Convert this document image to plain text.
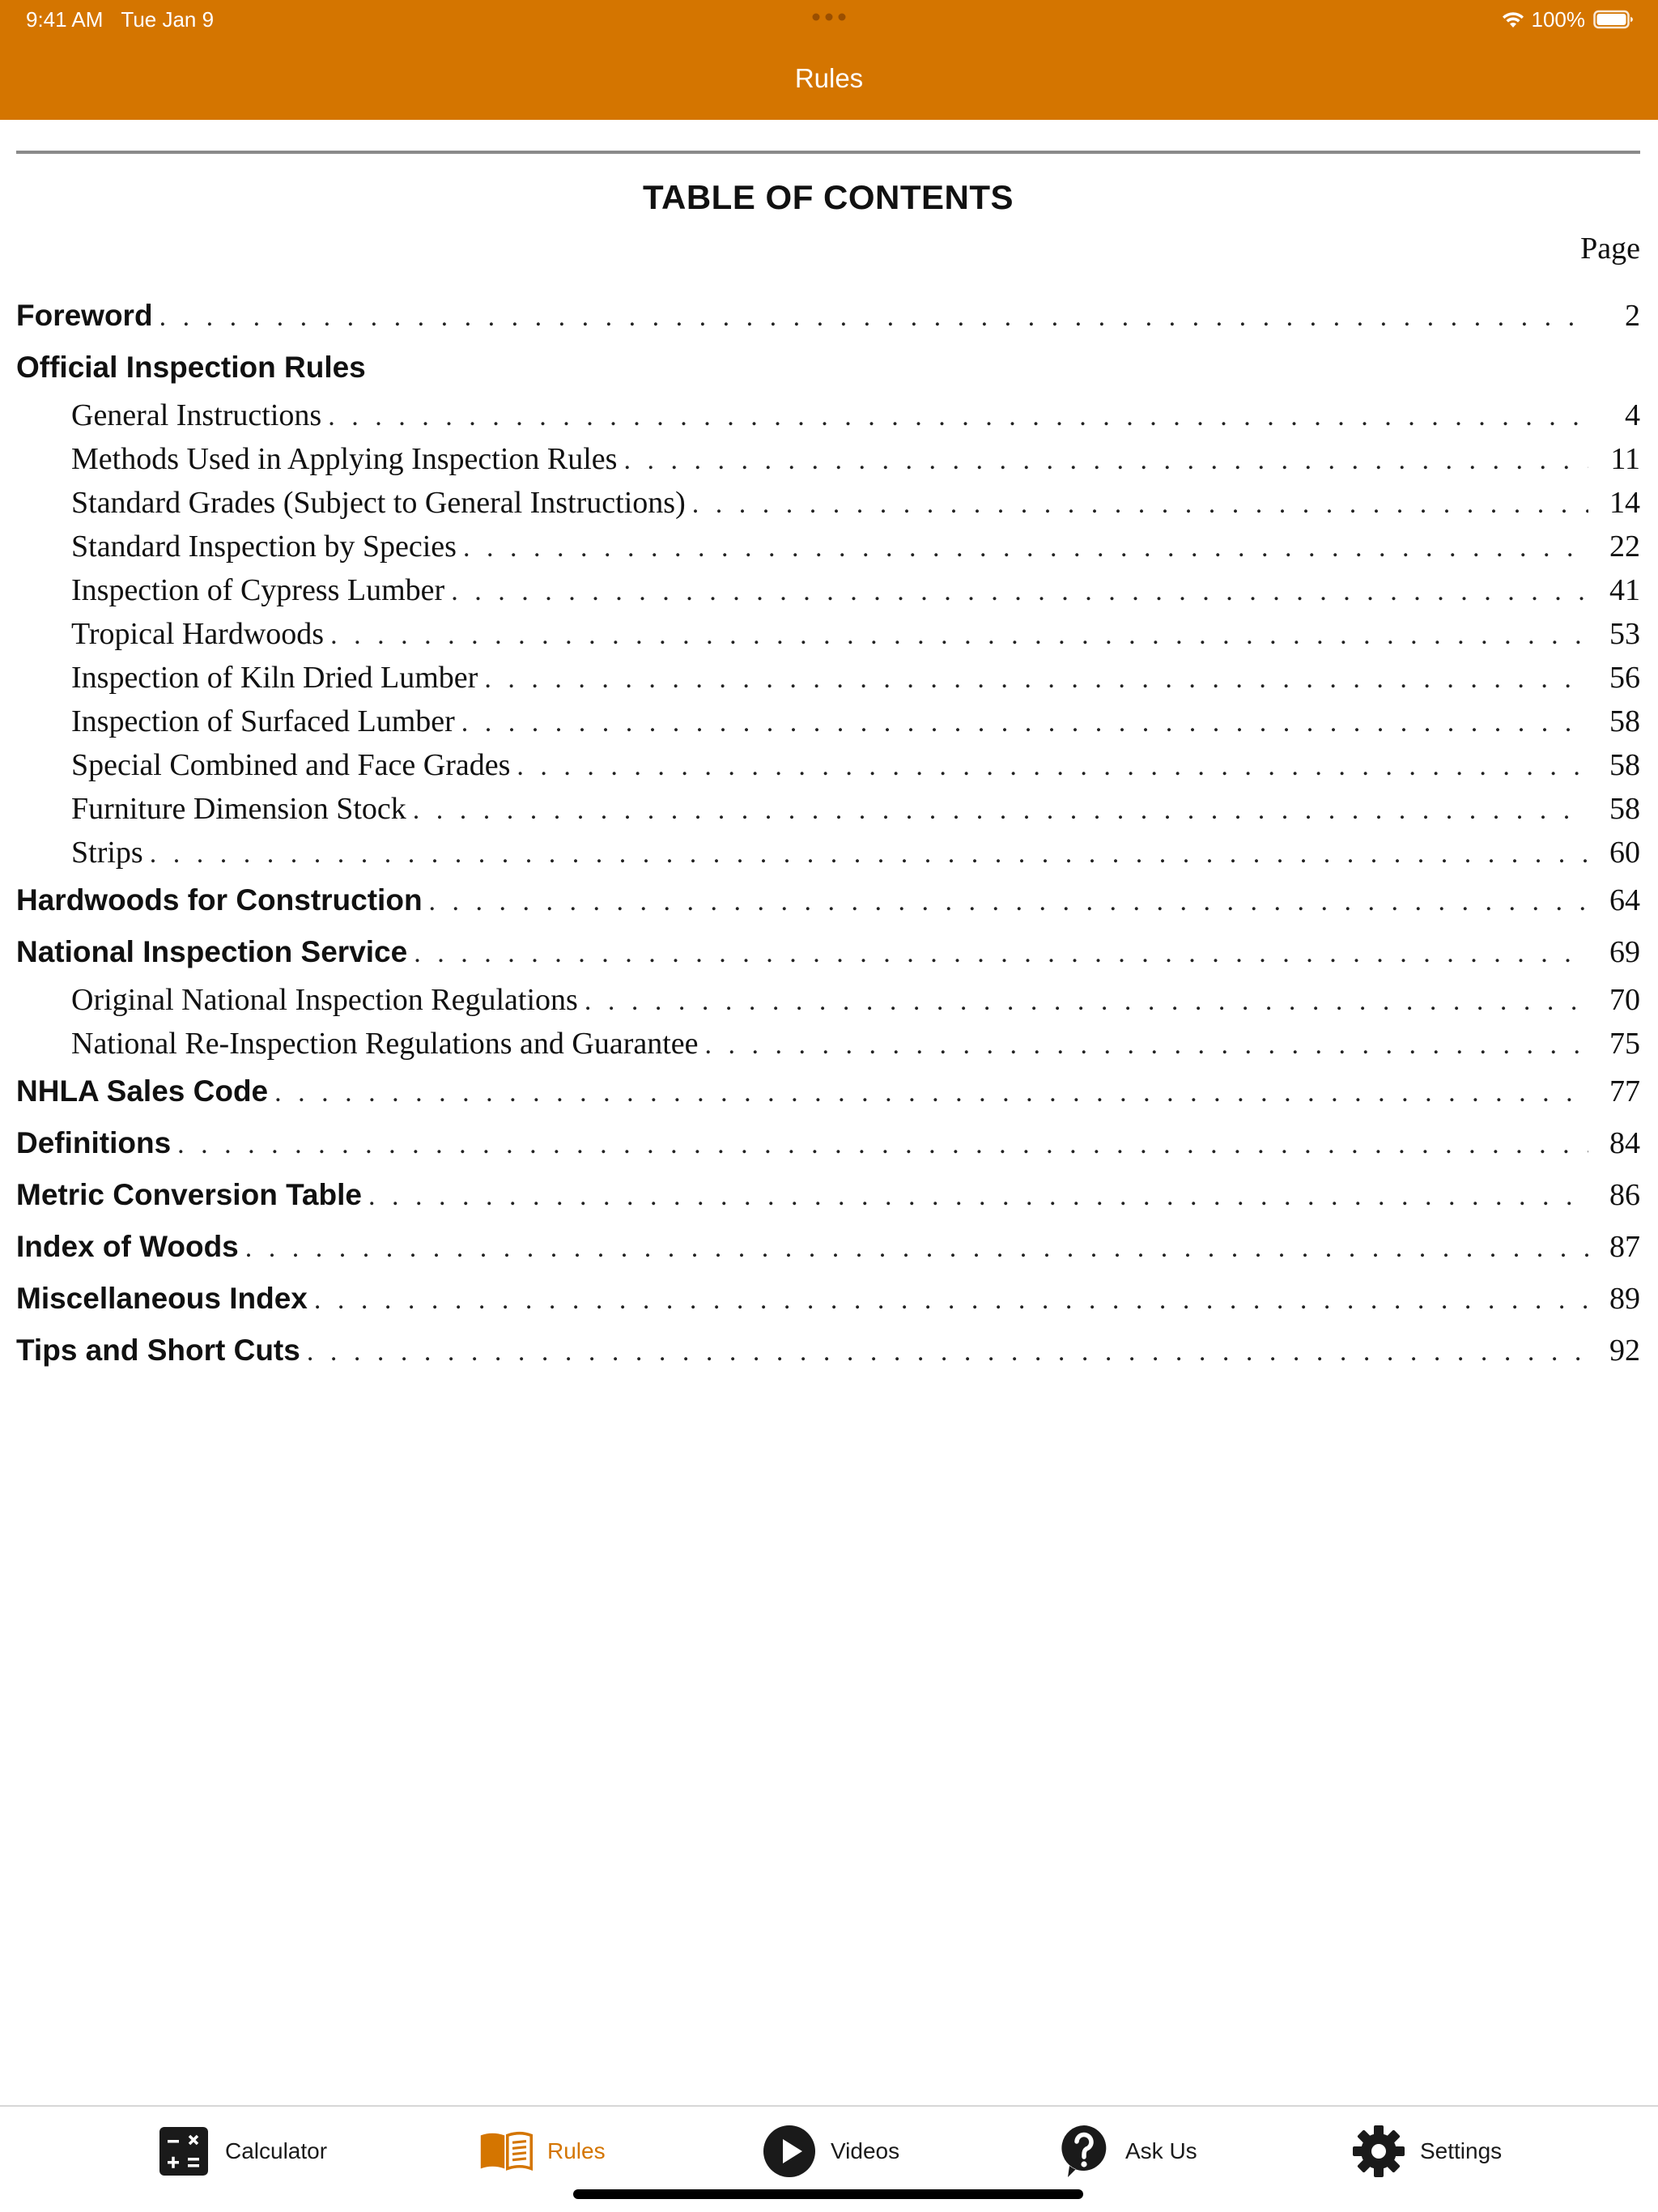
9:41 AM Tue Jan 9	100%
Rules
TABLE OF CONTENTS
Page
Foreword . . .	2
Official Inspection Rules
General Instructions . . .	4
Methods Used in Applying Inspection Rules . . .	11
Standard Grades (Subject to General Instructions) . . .	14
Standard Inspection by Species . . .	22
Inspection of Cypress Lumber . . .	41
Tropical Hardwoods . . .	53
Inspection of Kiln Dried Lumber . . .	56
Inspection of Surfaced Lumber . . .	58
Special Combined and Face Grades . . .	58
Furniture Dimension Stock . . .	58
Strips . . .	60
Hardwoods for Construction . . .	64
National Inspection Service . . .	69
Original National Inspection Regulations . . .	70
National Re-Inspection Regulations and Guarantee . . .	75
NHLA Sales Code . . .	77
Definitions . . .	84
Metric Conversion Table . . .	86
Index of Woods . . .	87
Miscellaneous Index . . .	89
Tips and Short Cuts . . .	92
Calculator	Rules	Videos	Ask Us	Settings
